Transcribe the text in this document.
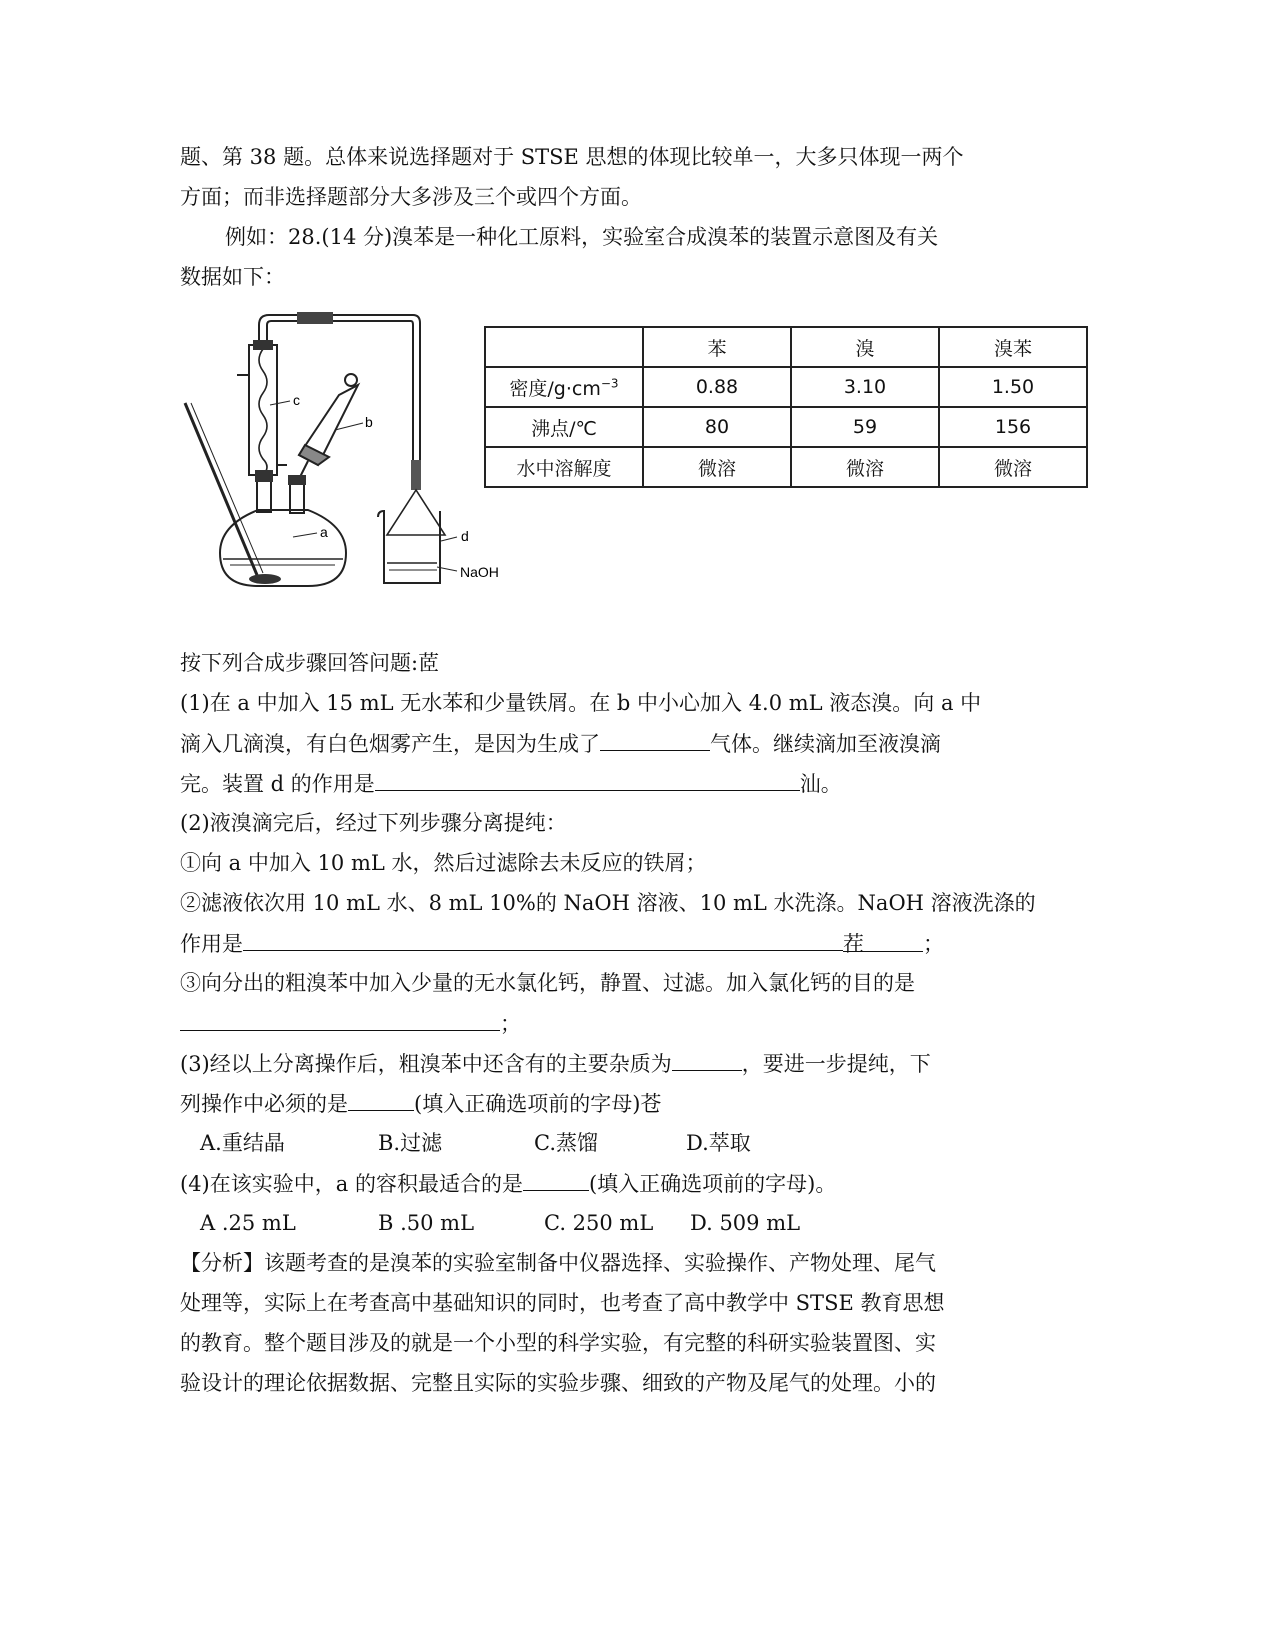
题、第 38 题。总体来说选择题对于 STSE 思想的体现比较单一，大多只体现一两个
方面；而非选择题部分大多涉及三个或四个方面。
例如：28.(14 分)溴苯是一种化工原料，实验室合成溴苯的装置示意图及有关
数据如下：
c
b
a	d
NaOH
	苯	溴	溴苯
密度$/g\cdot cm^{-3}$	0.88	3.10	1.50
沸点/℃	80	59	156
水中溶解度	微溶	微溶	微溶
按下列合成步骤回答问题:茝
(1)在 a 中加入 15 mL 无水苯和少量铁屑。在 b 中小心加入 4.0 mL 液态溴。向 a 中
滴入几滴溴，有白色烟雾产生，是因为生成了	气体。继续滴加至液溴滴
完。装置 d 的作用是	汕。
(2)液溴滴完后，经过下列步骤分离提纯：
①向 a 中加入 10 mL 水，然后过滤除去未反应的铁屑；
②滤液依次用 10 mL 水、8 mL 10%的 NaOH 溶液、10 mL 水洗涤。NaOH 溶液洗涤的
作用是	茬	；
③向分出的粗溴苯中加入少量的无水氯化钙，静置、过滤。加入氯化钙的目的是
；
(3)经以上分离操作后，粗溴苯中还含有的主要杂质为	，要进一步提纯，下
列操作中必须的是	(填入正确选项前的字母)苍
A.重结晶	B.过滤	C.蒸馏	D.萃取
(4)在该实验中，a 的容积最适合的是	(填入正确选项前的字母)。
A .25 mL	B .50 mL	C. 250 mL D. 509 mL
【分析】该题考查的是溴苯的实验室制备中仪器选择、实验操作、产物处理、尾气
处理等，实际上在考查高中基础知识的同时，也考查了高中教学中 STSE 教育思想
的教育。整个题目涉及的就是一个小型的科学实验，有完整的科研实验装置图、实
验设计的理论依据数据、完整且实际的实验步骤、细致的产物及尾气的处理。小的
